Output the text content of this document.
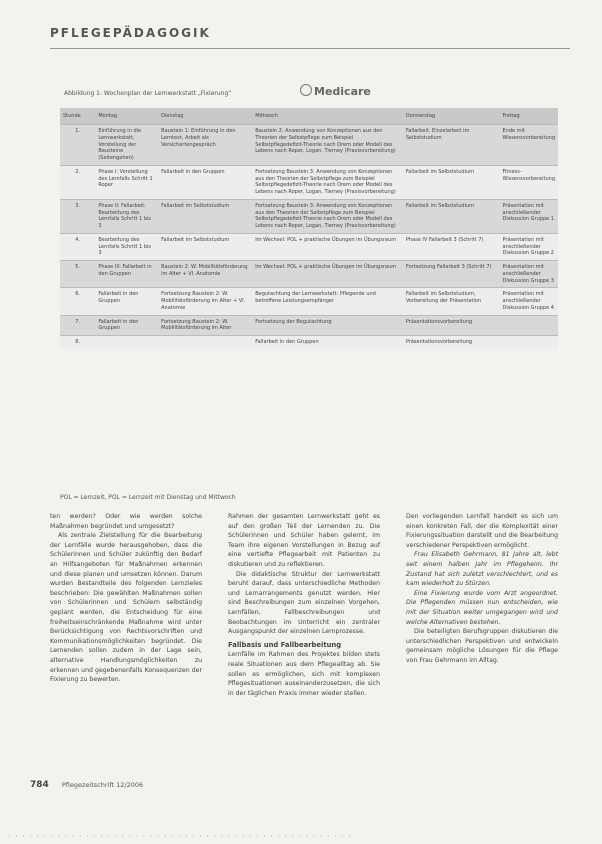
PFLEGEPÄDAGOGIK
Abbildung 1: Wochenplan der Lernwerkstatt „Fixierung“	Medicare
Stunde	Montag	Dienstag	Mittwoch	Donnerstag	Freitag
1.	Einführung in die Lernwerkstatt, Vorstellung der Bausteine (Seitengehen)	Baustein 1: Einführung in den Lerntext, Arbeit als Versichertengespräch	Baustein 2: Anwendung von Konzeptionen aus den Theorien der Selbstpflege zum Beispiel Selbstpflegedefizit-Theorie nach Orem oder Modell des Lebens nach Roper, Logan, Tierney (Praxisvorbereitung)	Fallarbeit, Einzelarbeit im Selbststudium	Ende mit Wissensvorbereitung
2.	Phase I: Vorstellung des Lernfalls Schritt 1 Roper	Fallarbeit in den Gruppen	Fortsetzung Baustein 3: Anwendung von Konzeptionen aus den Theorien der Selbstpflege zum Beispiel Selbstpflegedefizit-Theorie nach Orem oder Modell des Lebens nach Roper, Logan, Tierney (Praxisvorbereitung)	Fallarbeit im Selbststudium	Fitness-Wissensvorbereitung
3.	Phase II: Fallarbeit: Bearbeitung des Lernfalls Schritt 1 bis 3	Fallarbeit im Selbststudium	Fortsetzung Baustein 3: Anwendung von Konzeptionen aus den Theorien der Selbstpflege zum Beispiel Selbstpflegedefizit-Theorie nach Orem oder Modell des Lebens nach Roper, Logan, Tierney (Praxisvorbereitung)	Fallarbeit im Selbststudium	Präsentation mit anschließender Diskussion Gruppe 1
4.	Bearbeitung des Lernfalls Schritt 1 bis 3	Fallarbeit im Selbststudium	Im Wechsel: POL + praktische Übungen im Übungsraum	Phase IV Fallarbeit 3 (Schritt 7)	Präsentation mit anschließender Diskussion Gruppe 2
5.	Phase III: Fallarbeit in den Gruppen	Baustein 2: W. Mobilitätsförderung im Alter + VI. Anatomie	Im Wechsel: POL + praktische Übungen im Übungsraum	Fortsetzung Fallarbeit 3 (Schritt 7)	Präsentation mit anschließender Diskussion Gruppe 3
6.	Fallarbeit in den Gruppen	Fortsetzung Baustein 2: W. Mobilitätsförderung im Alter + VI. Anatomie	Begutachtung der Lernwerkstatt: Pflegende und betroffene Leistungsempfänger	Fallarbeit im Selbststudium, Vorbereitung der Präsentation	Präsentation mit anschließender Diskussion Gruppe 4
7.	Fallarbeit in den Gruppen	Fortsetzung Baustein 2: W. Mobilitätsförderung im Alter	Fortsetzung der Begutachtung	Präsentationsvorbereitung	
8.			Fallarbeit in den Gruppen	Präsentationsvorbereitung	
POL = Lernzeit, POL = Lernzeit mit Dienstag und Mittwoch

ten werden? Oder wie werden solche Maßnahmen begründet und umgesetzt?

Als zentrale Zielstellung für die Bearbeitung der Lernfälle wurde herausgehoben, dass die Schülerinnen und Schüler zukünftig den Bedarf an Hilfsangeboten für Maßnahmen erkennen und diese planen und umsetzen können. Darum wurden Bestandteile des folgenden Lernzieles beschrieben: Die gewählten Maßnahmen sollen von Schülerinnen und Schülern selbständig geplant werden, die Entscheidung für eine freiheitseinschränkende Maßnahme wird unter Berücksichtigung von Rechtsvorschriften und Kommunikationsmöglichkeiten begründet. Die Lernenden sollen zudem in der Lage sein, alternative Handlungsmöglichkeiten zu erkennen und gegebenenfalls Konsequenzen der Fixierung zu bewerten.

Rahmen der gesamten Lernwerkstatt geht es auf den großen Teil der Lernenden zu. Die Schülerinnen und Schüler haben gelernt, im Team ihre eigenen Vorstellungen in Bezug auf eine vertiefte Pflegearbeit mit Patienten zu diskutieren und zu reflektieren.

Die didaktische Struktur der Lernwerkstatt beruht darauf, dass unterschiedliche Methoden und Lernarrangements genutzt werden. Hier sind Beschreibungen zum einzelnen Vorgehen, Lernfällen, Fallbeschreibungen und Beobachtungen im Unterricht ein zentraler Ausgangspunkt der einzelnen Lernprozesse.

Fallbasis und Fallbearbeitung

Lernfälle im Rahmen des Projektes bilden stets reale Situationen aus dem Pflegealltag ab. Sie sollen es ermöglichen, sich mit komplexen Pflegesituationen auseinanderzusetzen, die sich in der täglichen Praxis immer wieder stellen.

Den vorliegenden Lernfall handelt es sich um einen konkreten Fall, der die Komplexität einer Fixierungssituation darstellt und die Bearbeitung verschiedener Perspektiven ermöglicht.

Frau Elisabeth Gehrmann, 81 Jahre alt, lebt seit einem halben Jahr im Pflegeheim. Ihr Zustand hat sich zuletzt verschlechtert, und es kam wiederholt zu Stürzen.

Eine Fixierung wurde vom Arzt angeordnet. Die Pflegenden müssen nun entscheiden, wie mit der Situation weiter umgegangen wird und welche Alternativen bestehen.

Die beteiligten Berufsgruppen diskutieren die unterschiedlichen Perspektiven und entwickeln gemeinsam mögliche Lösungen für die Pflege von Frau Gehrmann im Alltag.

784 Pflegezeitschrift 12/2006
· · · · · · · · · · · · · · · · · · · · · · · · · · · · · · · · · · · · · · · · · · · · · · · · ·
